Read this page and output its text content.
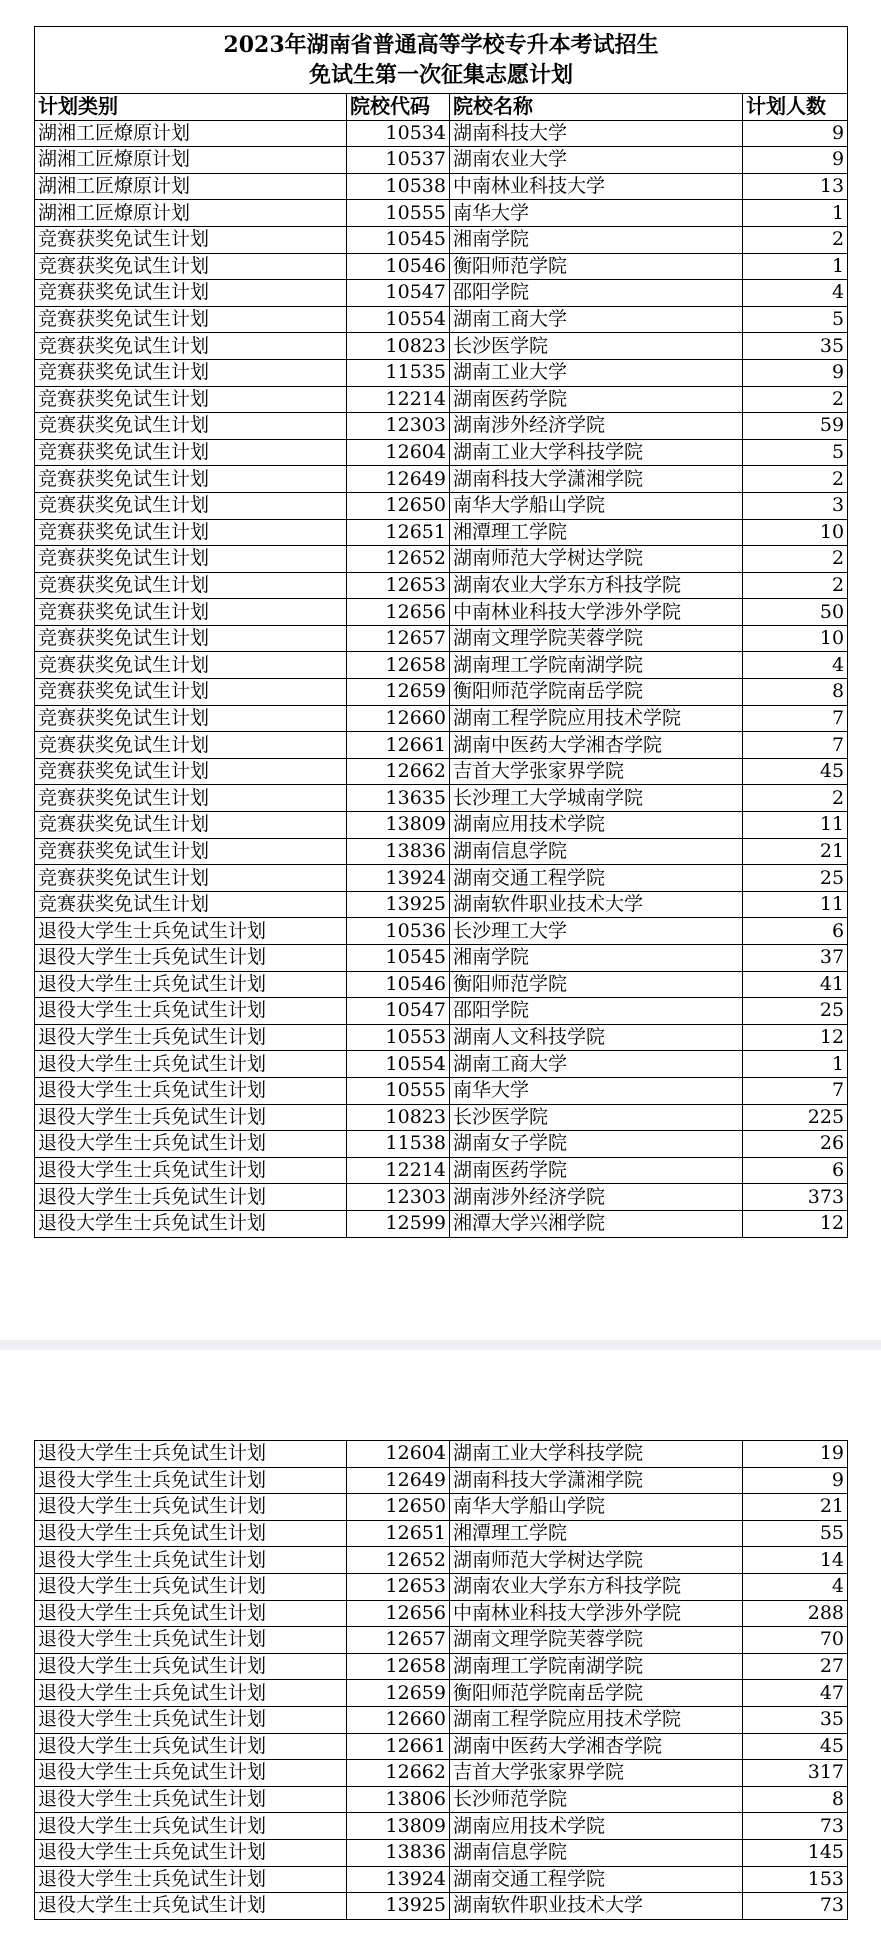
2023年湖南省普通高等学校专升本考试招生
免试生第一次征集志愿计划			

计划类别	院校代码	院校名称	计划人数
湖湘工匠燎原计划	10534	湖南科技大学	9
湖湘工匠燎原计划	10537	湖南农业大学	9
湖湘工匠燎原计划	10538	中南林业科技大学	13
湖湘工匠燎原计划	10555	南华大学	1
竞赛获奖免试生计划	10545	湘南学院	2
竞赛获奖免试生计划	10546	衡阳师范学院	1
竞赛获奖免试生计划	10547	邵阳学院	4
竞赛获奖免试生计划	10554	湖南工商大学	5
竞赛获奖免试生计划	10823	长沙医学院	35
竞赛获奖免试生计划	11535	湖南工业大学	9
竞赛获奖免试生计划	12214	湖南医药学院	2
竞赛获奖免试生计划	12303	湖南涉外经济学院	59
竞赛获奖免试生计划	12604	湖南工业大学科技学院	5
竞赛获奖免试生计划	12649	湖南科技大学潇湘学院	2
竞赛获奖免试生计划	12650	南华大学船山学院	3
竞赛获奖免试生计划	12651	湘潭理工学院	10
竞赛获奖免试生计划	12652	湖南师范大学树达学院	2
竞赛获奖免试生计划	12653	湖南农业大学东方科技学院	2
竞赛获奖免试生计划	12656	中南林业科技大学涉外学院	50
竞赛获奖免试生计划	12657	湖南文理学院芙蓉学院	10
竞赛获奖免试生计划	12658	湖南理工学院南湖学院	4
竞赛获奖免试生计划	12659	衡阳师范学院南岳学院	8
竞赛获奖免试生计划	12660	湖南工程学院应用技术学院	7
竞赛获奖免试生计划	12661	湖南中医药大学湘杏学院	7
竞赛获奖免试生计划	12662	吉首大学张家界学院	45
竞赛获奖免试生计划	13635	长沙理工大学城南学院	2
竞赛获奖免试生计划	13809	湖南应用技术学院	11
竞赛获奖免试生计划	13836	湖南信息学院	21
竞赛获奖免试生计划	13924	湖南交通工程学院	25
竞赛获奖免试生计划	13925	湖南软件职业技术大学	11
退役大学生士兵免试生计划	10536	长沙理工大学	6
退役大学生士兵免试生计划	10545	湘南学院	37
退役大学生士兵免试生计划	10546	衡阳师范学院	41
退役大学生士兵免试生计划	10547	邵阳学院	25
退役大学生士兵免试生计划	10553	湖南人文科技学院	12
退役大学生士兵免试生计划	10554	湖南工商大学	1
退役大学生士兵免试生计划	10555	南华大学	7
退役大学生士兵免试生计划	10823	长沙医学院	225
退役大学生士兵免试生计划	11538	湖南女子学院	26
退役大学生士兵免试生计划	12214	湖南医药学院	6
退役大学生士兵免试生计划	12303	湖南涉外经济学院	373
退役大学生士兵免试生计划	12599	湘潭大学兴湘学院	12
退役大学生士兵免试生计划	12604	湖南工业大学科技学院	19
退役大学生士兵免试生计划	12649	湖南科技大学潇湘学院	9
退役大学生士兵免试生计划	12650	南华大学船山学院	21
退役大学生士兵免试生计划	12651	湘潭理工学院	55
退役大学生士兵免试生计划	12652	湖南师范大学树达学院	14
退役大学生士兵免试生计划	12653	湖南农业大学东方科技学院	4
退役大学生士兵免试生计划	12656	中南林业科技大学涉外学院	288
退役大学生士兵免试生计划	12657	湖南文理学院芙蓉学院	70
退役大学生士兵免试生计划	12658	湖南理工学院南湖学院	27
退役大学生士兵免试生计划	12659	衡阳师范学院南岳学院	47
退役大学生士兵免试生计划	12660	湖南工程学院应用技术学院	35
退役大学生士兵免试生计划	12661	湖南中医药大学湘杏学院	45
退役大学生士兵免试生计划	12662	吉首大学张家界学院	317
退役大学生士兵免试生计划	13806	长沙师范学院	8
退役大学生士兵免试生计划	13809	湖南应用技术学院	73
退役大学生士兵免试生计划	13836	湖南信息学院	145
退役大学生士兵免试生计划	13924	湖南交通工程学院	153
退役大学生士兵免试生计划	13925	湖南软件职业技术大学	73
